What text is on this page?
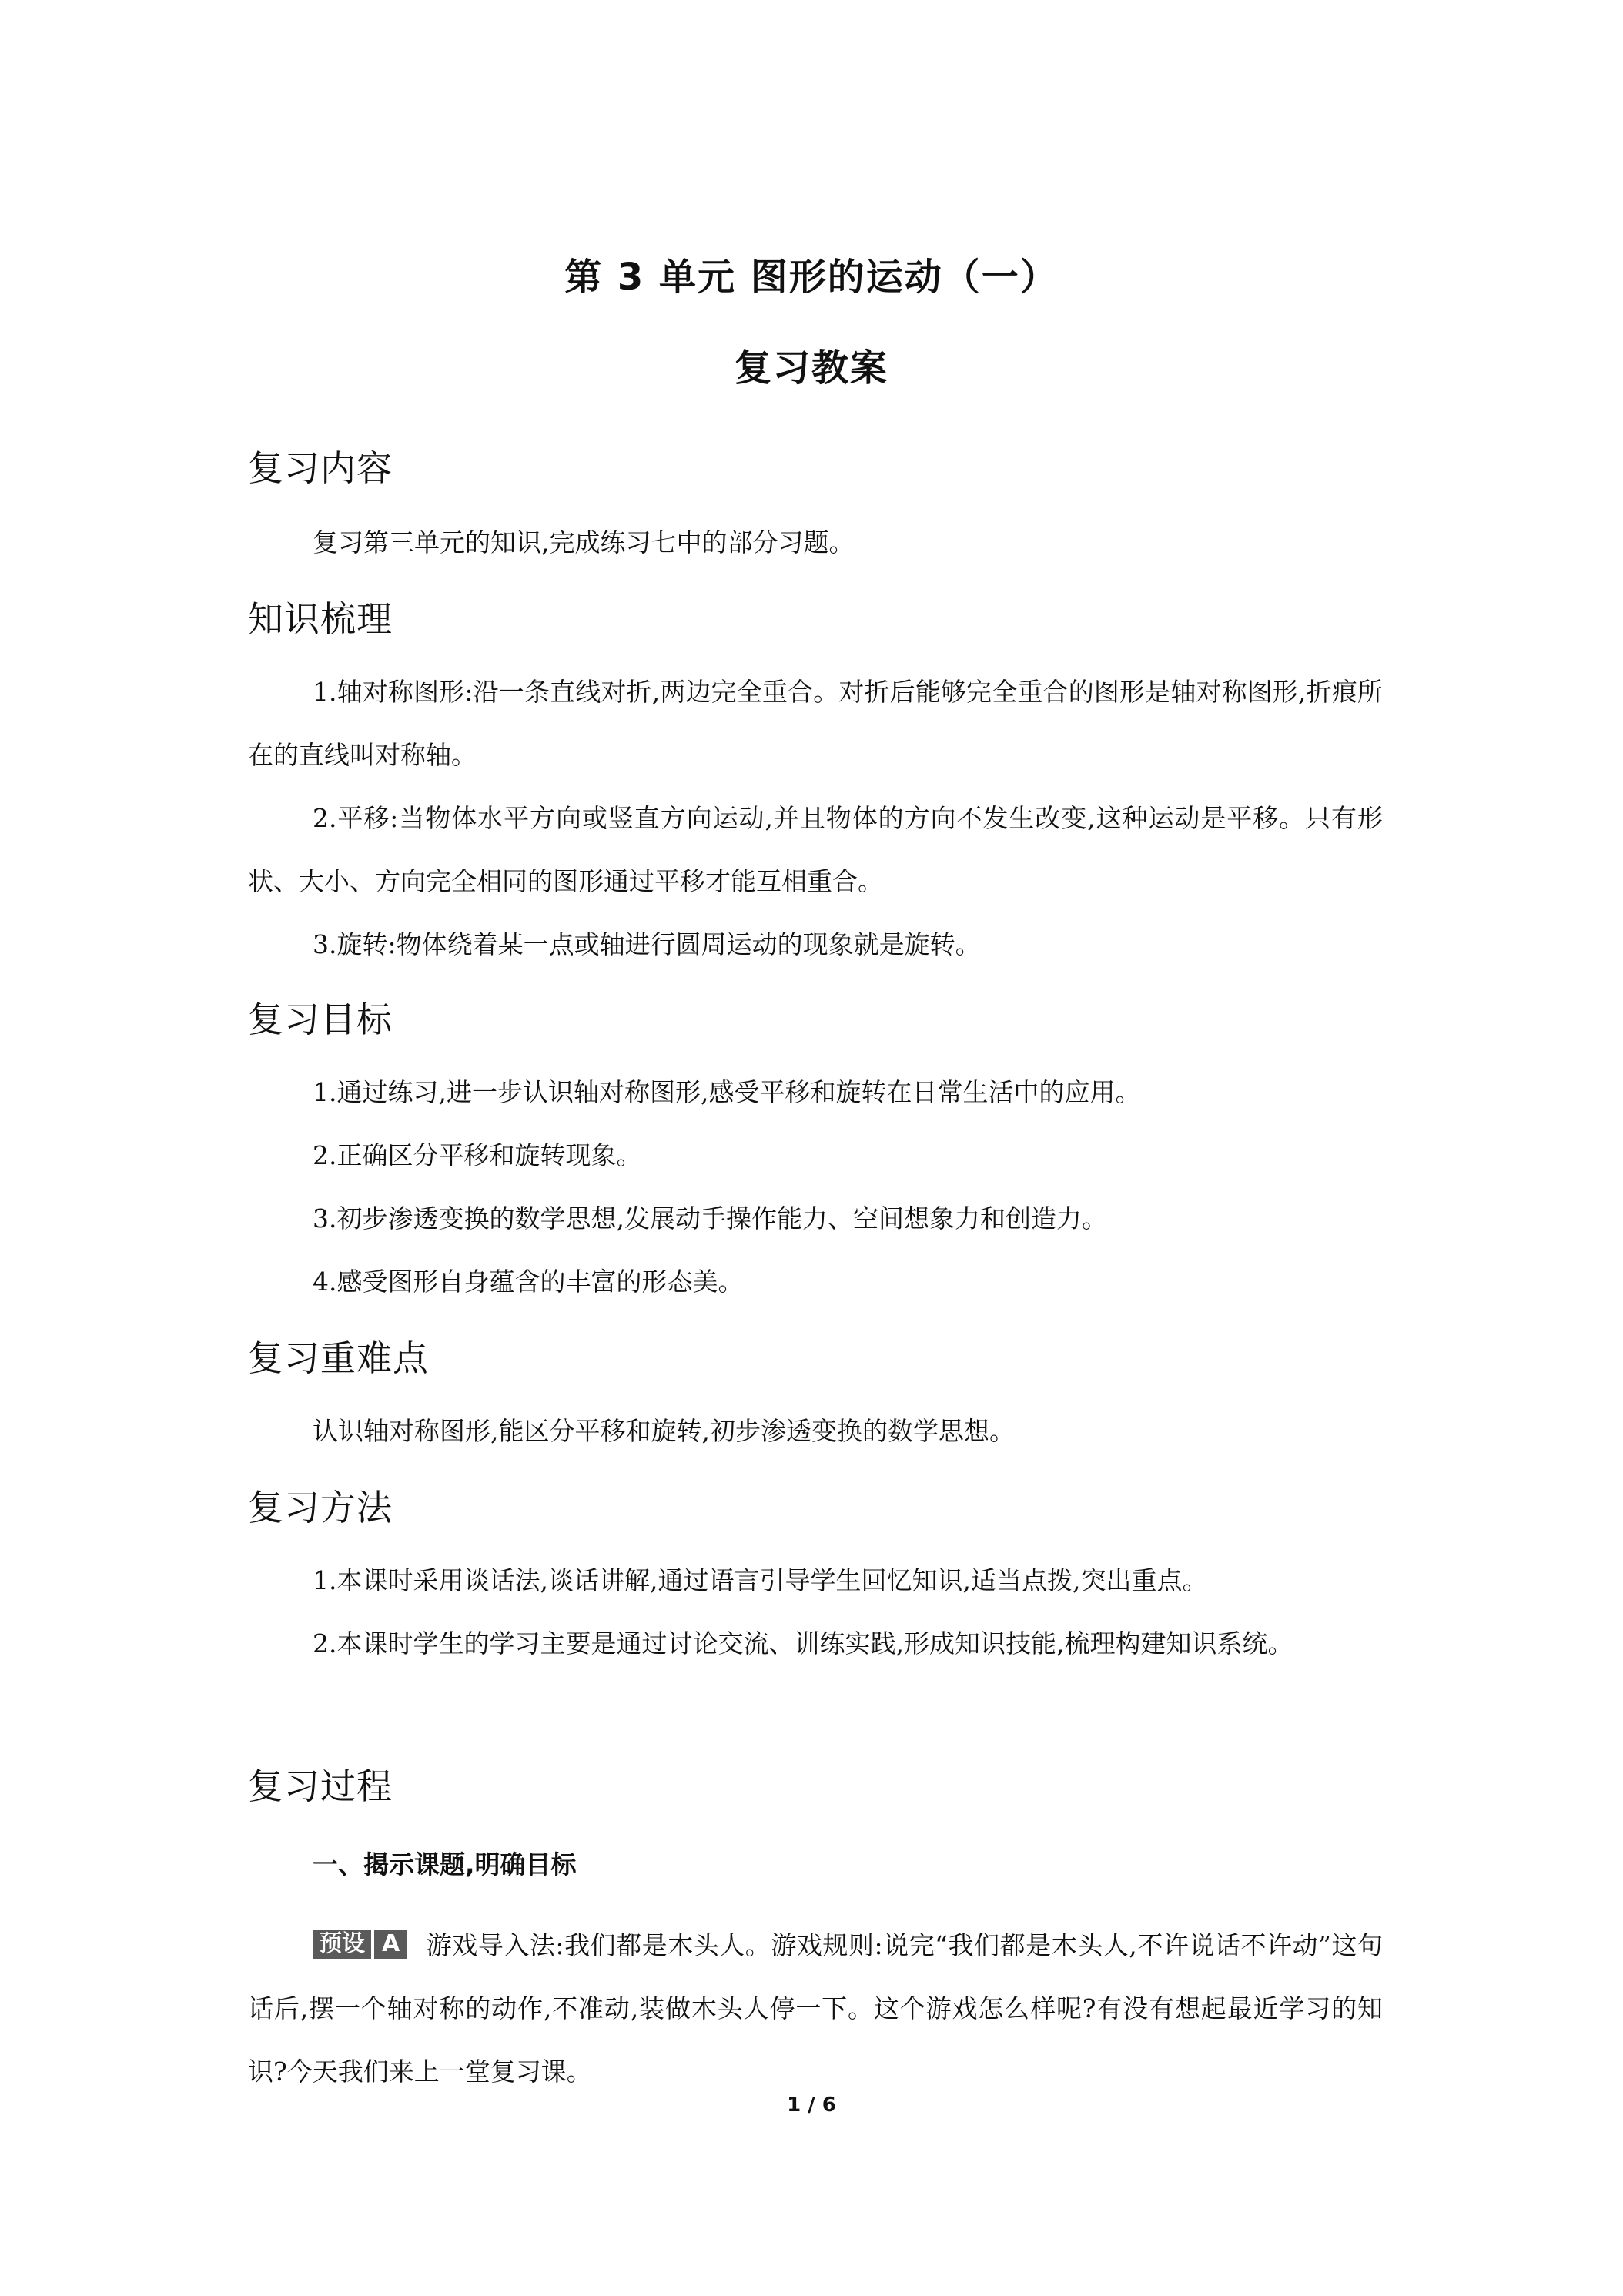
第 3 单元 图形的运动（一）
复习教案
复习内容
复习第三单元的知识,完成练习七中的部分习题。
知识梳理
1.轴对称图形:沿一条直线对折,两边完全重合。对折后能够完全重合的图形是轴对称图形,折痕所在的直线叫对称轴。
2.平移:当物体水平方向或竖直方向运动,并且物体的方向不发生改变,这种运动是平移。只有形状、大小、方向完全相同的图形通过平移才能互相重合。
3.旋转:物体绕着某一点或轴进行圆周运动的现象就是旋转。
复习目标
1.通过练习,进一步认识轴对称图形,感受平移和旋转在日常生活中的应用。
2.正确区分平移和旋转现象。
3.初步渗透变换的数学思想,发展动手操作能力、空间想象力和创造力。
4.感受图形自身蕴含的丰富的形态美。
复习重难点
认识轴对称图形,能区分平移和旋转,初步渗透变换的数学思想。
复习方法
1.本课时采用谈话法,谈话讲解,通过语言引导学生回忆知识,适当点拨,突出重点。
2.本课时学生的学习主要是通过讨论交流、训练实践,形成知识技能,梳理构建知识系统。
复习过程
一、揭示课题,明确目标
预设 A 游戏导入法:我们都是木头人。游戏规则:说完“我们都是木头人,不许说话不许动”这句话后,摆一个轴对称的动作,不准动,装做木头人停一下。这个游戏怎么样呢?有没有想起最近学习的知识?今天我们来上一堂复习课。
1 / 6
